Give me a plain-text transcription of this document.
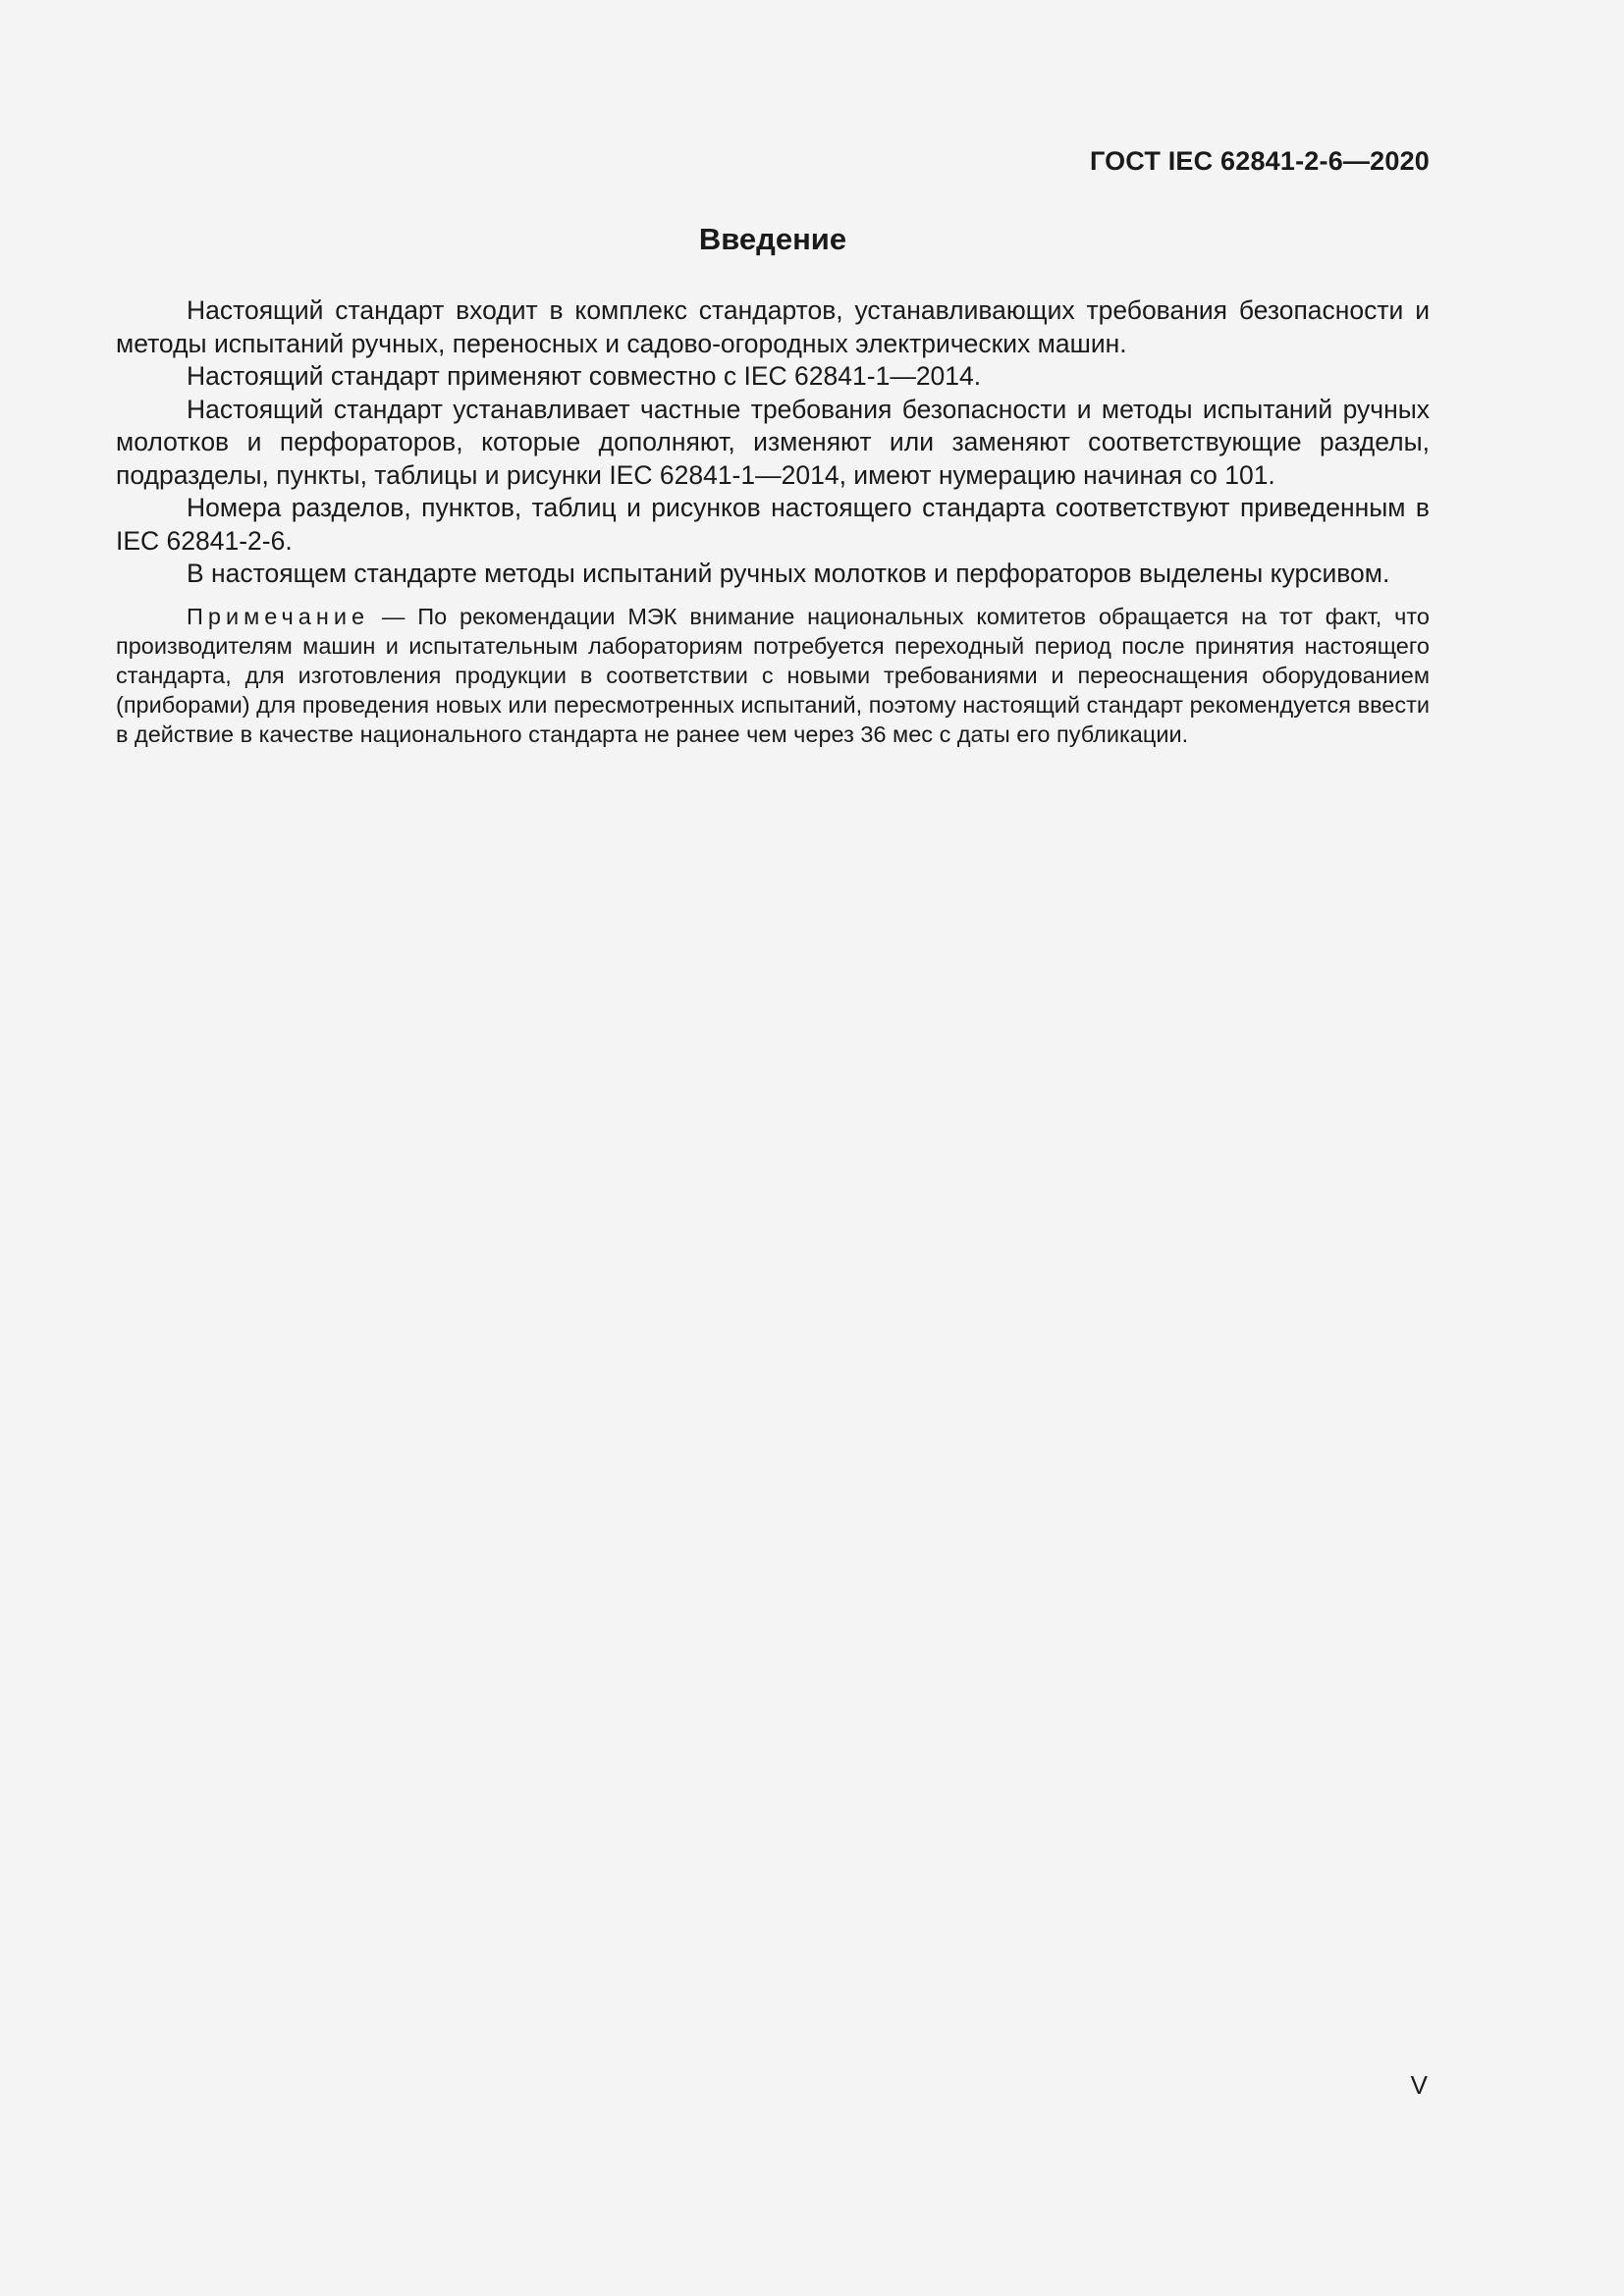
ГОСТ IEC 62841-2-6—2020
Введение

Настоящий стандарт входит в комплекс стандартов, устанавливающих требования безопасности и методы испытаний ручных, переносных и садово-огородных электрических машин.

Настоящий стандарт применяют совместно с IEC 62841-1—2014.

Настоящий стандарт устанавливает частные требования безопасности и методы испытаний ручных молотков и перфораторов, которые дополняют, изменяют или заменяют соответствующие разделы, подразделы, пункты, таблицы и рисунки IEC 62841-1—2014, имеют нумерацию начиная со 101.

Номера разделов, пунктов, таблиц и рисунков настоящего стандарта соответствуют приведенным в IEC 62841-2-6.

В настоящем стандарте методы испытаний ручных молотков и перфораторов выделены курсивом.

Примечание — По рекомендации МЭК внимание национальных комитетов обращается на тот факт, что производителям машин и испытательным лабораториям потребуется переходный период после принятия настоящего стандарта, для изготовления продукции в соответствии с новыми требованиями и переоснащения оборудованием (приборами) для проведения новых или пересмотренных испытаний, поэтому настоящий стандарт рекомендуется ввести в действие в качестве национального стандарта не ранее чем через 36 мес с даты его публикации.

V
